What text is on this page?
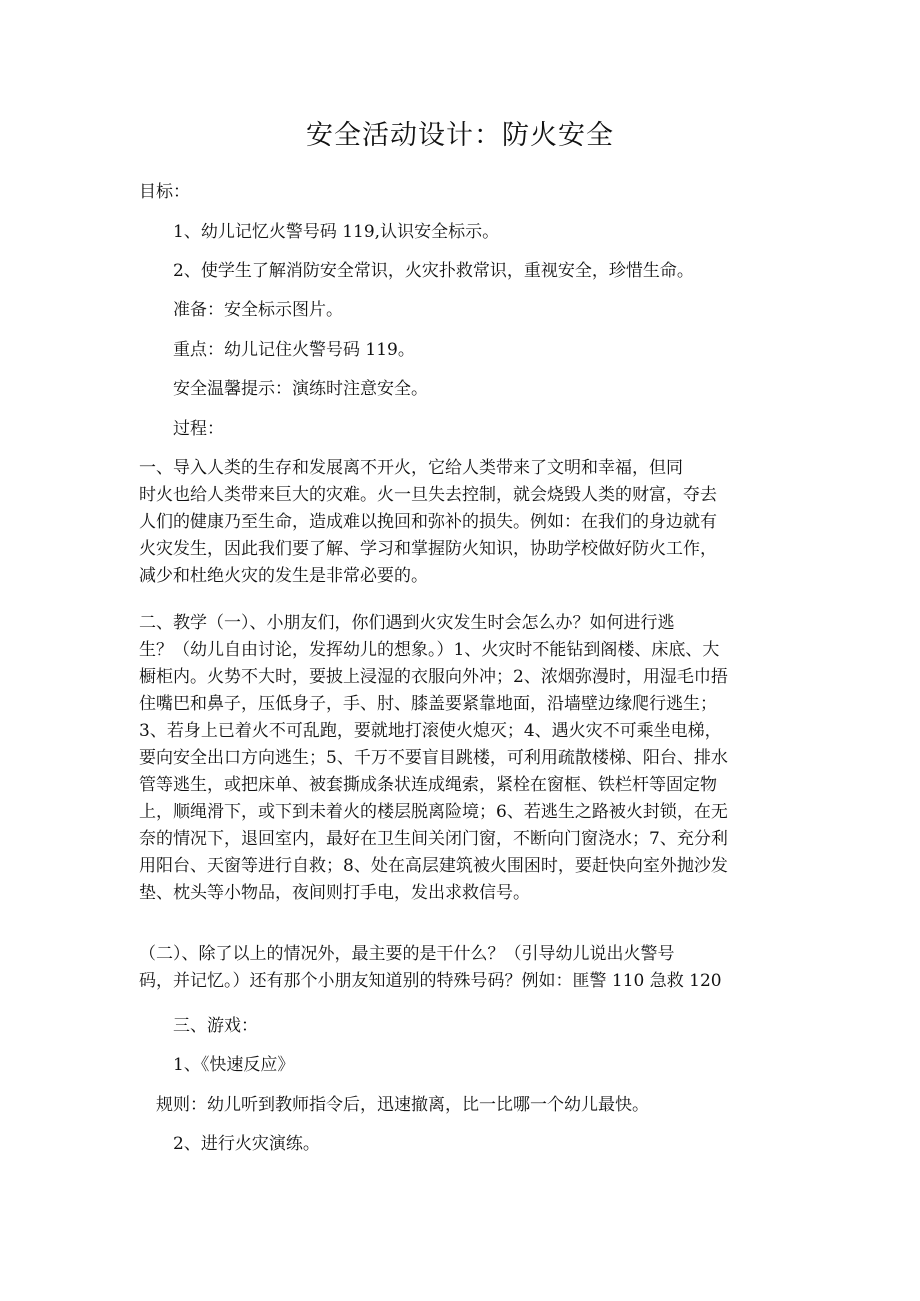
安全活动设计：防火安全

目标：

1、幼儿记忆火警号码 119,认识安全标示。

2、使学生了解消防安全常识，火灾扑救常识，重视安全，珍惜生命。

准备：安全标示图片。

重点：幼儿记住火警号码 119。

安全温馨提示：演练时注意安全。

过程：

一、导入人类的生存和发展离不开火，它给人类带来了文明和幸福，但同
时火也给人类带来巨大的灾难。火一旦失去控制，就会烧毁人类的财富，夺去
人们的健康乃至生命，造成难以挽回和弥补的损失。例如：在我们的身边就有
火灾发生，因此我们要了解、学习和掌握防火知识，协助学校做好防火工作，
减少和杜绝火灾的发生是非常必要的。

二、教学（一）、小朋友们，你们遇到火灾发生时会怎么办？如何进行逃
生？（幼儿自由讨论，发挥幼儿的想象。）1、火灾时不能钻到阁楼、床底、大
橱柜内。火势不大时，要披上浸湿的衣服向外冲；2、浓烟弥漫时，用湿毛巾捂
住嘴巴和鼻子，压低身子，手、肘、膝盖要紧靠地面，沿墙壁边缘爬行逃生；
3、若身上已着火不可乱跑，要就地打滚使火熄灭；4、遇火灾不可乘坐电梯，
要向安全出口方向逃生；5、千万不要盲目跳楼，可利用疏散楼梯、阳台、排水
管等逃生，或把床单、被套撕成条状连成绳索，紧栓在窗框、铁栏杆等固定物
上，顺绳滑下，或下到未着火的楼层脱离险境；6、若逃生之路被火封锁，在无
奈的情况下，退回室内，最好在卫生间关闭门窗，不断向门窗浇水；7、充分利
用阳台、天窗等进行自救；8、处在高层建筑被火围困时，要赶快向室外抛沙发
垫、枕头等小物品，夜间则打手电，发出求救信号。

（二）、除了以上的情况外，最主要的是干什么？（引导幼儿说出火警号
码，并记忆。）还有那个小朋友知道别的特殊号码？例如：匪警 110 急救 120

三、游戏：

1、《快速反应》

规则：幼儿听到教师指令后，迅速撤离，比一比哪一个幼儿最快。

2、进行火灾演练。
